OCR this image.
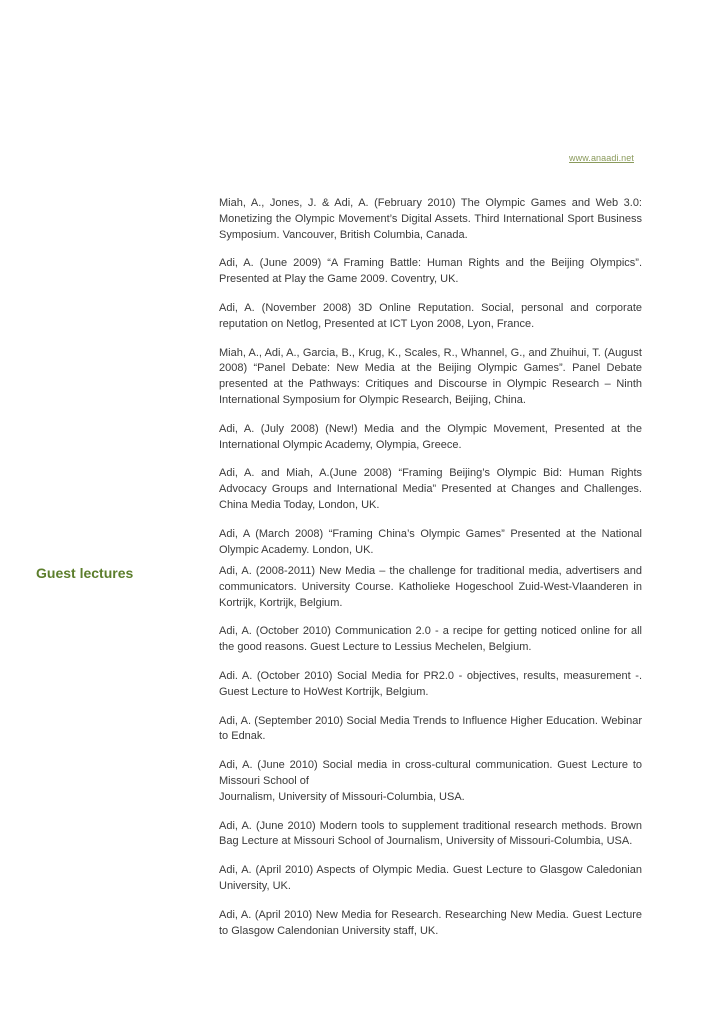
www.anaadi.net
Miah, A., Jones, J. & Adi, A. (February 2010) The Olympic Games and Web 3.0: Monetizing the Olympic Movement’s Digital Assets. Third International Sport Business Symposium. Vancouver, British Columbia, Canada.
Adi, A. (June 2009) “A Framing Battle: Human Rights and the Beijing Olympics”. Presented at Play the Game 2009. Coventry, UK.
Adi, A. (November 2008) 3D Online Reputation. Social, personal and corporate reputation on Netlog, Presented at ICT Lyon 2008, Lyon, France.
Miah, A., Adi, A., Garcia, B., Krug, K., Scales, R., Whannel, G., and Zhuihui, T. (August 2008) “Panel Debate: New Media at the Beijing Olympic Games”. Panel Debate presented at the Pathways: Critiques and Discourse in Olympic Research – Ninth International Symposium for Olympic Research, Beijing, China.
Adi, A. (July 2008) (New!) Media and the Olympic Movement, Presented at the International Olympic Academy, Olympia, Greece.
Adi, A. and Miah, A.(June 2008) “Framing Beijing’s Olympic Bid: Human Rights Advocacy Groups and International Media” Presented at Changes and Challenges. China Media Today, London, UK.
Adi, A (March 2008) “Framing China’s Olympic Games” Presented at the National Olympic Academy. London, UK.
Guest lectures	Adi, A. (2008-2011) New Media – the challenge for traditional media, advertisers and communicators. University Course. Katholieke Hogeschool Zuid-West-Vlaanderen in Kortrijk, Kortrijk, Belgium.
Adi, A. (October 2010) Communication 2.0 - a recipe for getting noticed online for all the good reasons. Guest Lecture to Lessius Mechelen, Belgium.
Adi. A. (October 2010) Social Media for PR2.0 - objectives, results, measurement -. Guest Lecture to HoWest Kortrijk, Belgium.
Adi, A. (September 2010) Social Media Trends to Influence Higher Education. Webinar to Ednak.
Adi, A. (June 2010) Social media in cross-cultural communication. Guest Lecture to Missouri School of
Journalism, University of Missouri-Columbia, USA.
Adi, A. (June 2010) Modern tools to supplement traditional research methods. Brown Bag Lecture at Missouri School of Journalism, University of Missouri-Columbia, USA.
Adi, A. (April 2010) Aspects of Olympic Media. Guest Lecture to Glasgow Caledonian University, UK.
Adi, A. (April 2010) New Media for Research. Researching New Media. Guest Lecture to Glasgow Calendonian University staff, UK.
